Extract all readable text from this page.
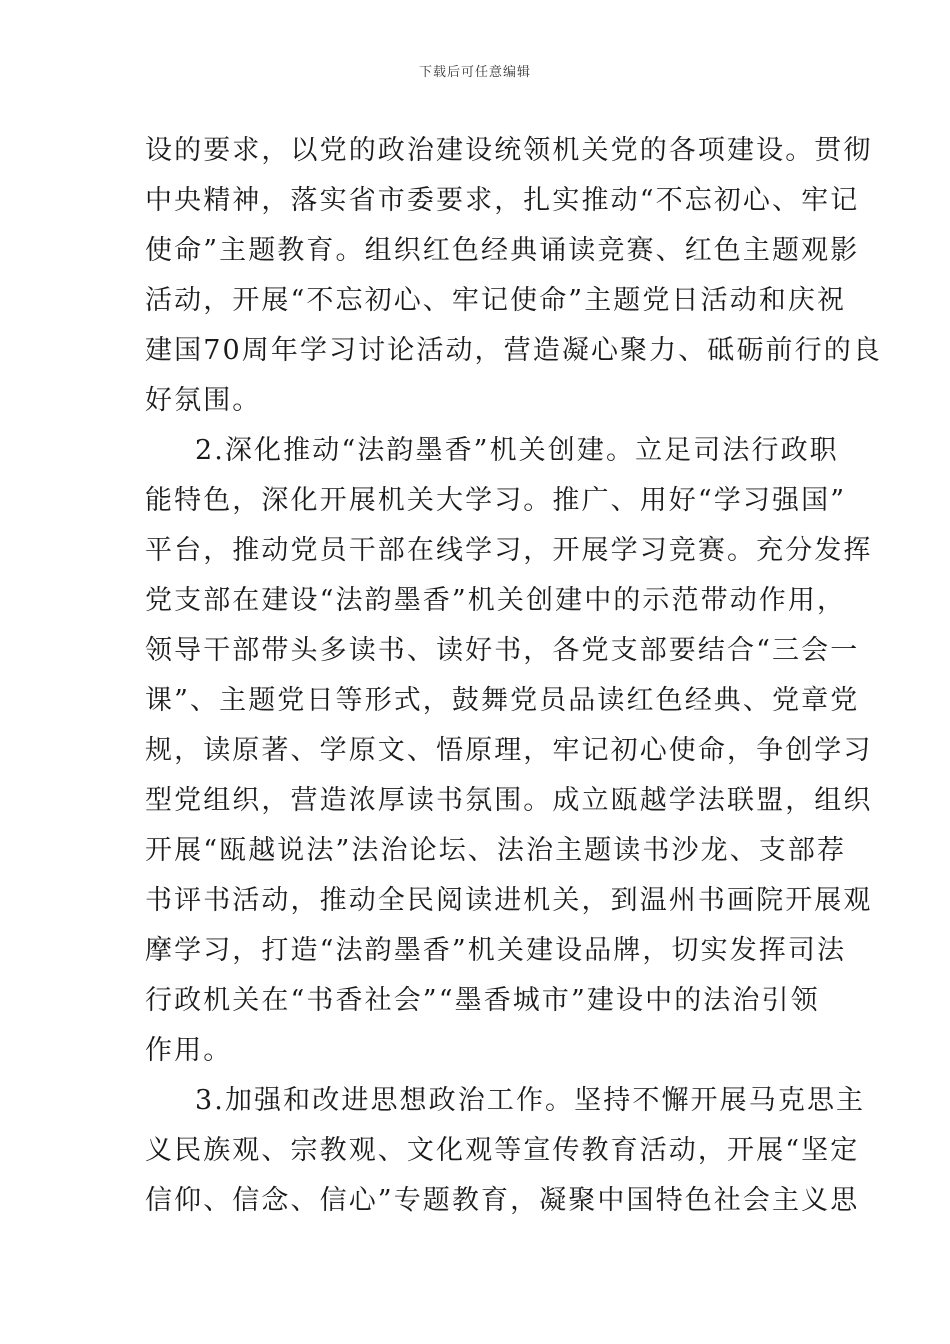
下载后可任意编辑
设的要求，以党的政治建设统领机关党的各项建设。贯彻
中央精神，落实省市委要求，扎实推动“不忘初心、牢记
使命”主题教育。组织红色经典诵读竞赛、红色主题观影
活动，开展“不忘初心、牢记使命”主题党日活动和庆祝
建国70周年学习讨论活动，营造凝心聚力、砥砺前行的良
好氛围。
2.深化推动“法韵墨香”机关创建。立足司法行政职
能特色，深化开展机关大学习。推广、用好“学习强国”
平台，推动党员干部在线学习，开展学习竞赛。充分发挥
党支部在建设“法韵墨香”机关创建中的示范带动作用，
领导干部带头多读书、读好书，各党支部要结合“三会一
课”、主题党日等形式，鼓舞党员品读红色经典、党章党
规，读原著、学原文、悟原理，牢记初心使命，争创学习
型党组织，营造浓厚读书氛围。成立瓯越学法联盟，组织
开展“瓯越说法”法治论坛、法治主题读书沙龙、支部荐
书评书活动，推动全民阅读进机关，到温州书画院开展观
摩学习，打造“法韵墨香”机关建设品牌，切实发挥司法
行政机关在“书香社会”“墨香城市”建设中的法治引领
作用。
3.加强和改进思想政治工作。坚持不懈开展马克思主
义民族观、宗教观、文化观等宣传教育活动，开展“坚定
信仰、信念、信心”专题教育，凝聚中国特色社会主义思
